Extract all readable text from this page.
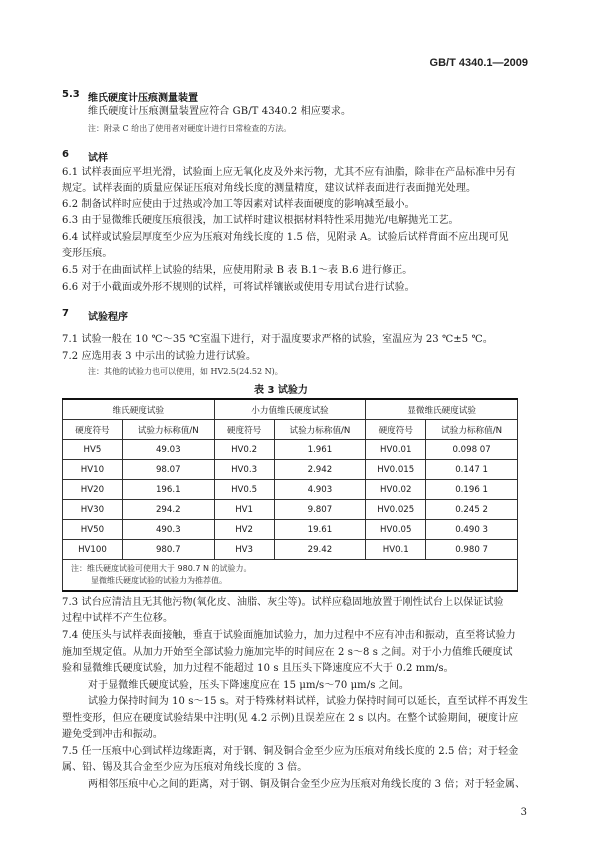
GB/T 4340.1—2009
5.3 维氏硬度计压痕测量装置
维氏硬度计压痕测量装置应符合 GB/T 4340.2 相应要求。
注：附录 C 给出了使用者对硬度计进行日常检查的方法。
6 试样
6.1 试样表面应平坦光滑，试验面上应无氧化皮及外来污物，尤其不应有油脂，除非在产品标准中另有
规定。试样表面的质量应保证压痕对角线长度的测量精度，建议试样表面进行表面抛光处理。
6.2 制备试样时应使由于过热或冷加工等因素对试样表面硬度的影响减至最小。
6.3 由于显微维氏硬度压痕很浅，加工试样时建议根据材料特性采用抛光/电解抛光工艺。
6.4 试样或试验层厚度至少应为压痕对角线长度的 1.5 倍，见附录 A。试验后试样背面不应出现可见
变形压痕。
6.5 对于在曲面试样上试验的结果，应使用附录 B 表 B.1～表 B.6 进行修正。
6.6 对于小截面或外形不规则的试样，可将试样镶嵌或使用专用试台进行试验。
7 试验程序
7.1 试验一般在 10 ℃～35 ℃室温下进行，对于温度要求严格的试验，室温应为 23 ℃±5 ℃。
7.2 应选用表 3 中示出的试验力进行试验。
注：其他的试验力也可以使用，如 HV2.5(24.52 N)。
表 3 试验力
维氏硬度试验		小力值维氏硬度试验		显微维氏硬度试验	
硬度符号	试验力标称值/N	硬度符号	试验力标称值/N	硬度符号	试验力标称值/N
HV5	49.03	HV0.2	1.961	HV0.01	0.098 07
HV10	98.07	HV0.3	2.942	HV0.015	0.147 1
HV20	196.1	HV0.5	4.903	HV0.02	0.196 1
HV30	294.2	HV1	9.807	HV0.025	0.245 2
HV50	490.3	HV2	19.61	HV0.05	0.490 3
HV100	980.7	HV3	29.42	HV0.1	0.980 7

注：维氏硬度试验可使用大于 980.7 N 的试验力。
显微维氏硬度试验的试验力为推荐值。					
7.3 试台应清洁且无其他污物(氧化皮、油脂、灰尘等)。试样应稳固地放置于刚性试台上以保证试验
过程中试样不产生位移。
7.4 使压头与试样表面接触，垂直于试验面施加试验力，加力过程中不应有冲击和振动，直至将试验力
施加至规定值。从加力开始至全部试验力施加完毕的时间应在 2 s～8 s 之间。对于小力值维氏硬度试
验和显微维氏硬度试验，加力过程不能超过 10 s 且压头下降速度应不大于 0.2 mm/s。
对于显微维氏硬度试验，压头下降速度应在 15 μm/s～70 μm/s 之间。
试验力保持时间为 10 s～15 s。对于特殊材料试样，试验力保持时间可以延长，直至试样不再发生
塑性变形，但应在硬度试验结果中注明(见 4.2 示例)且误差应在 2 s 以内。在整个试验期间，硬度计应
避免受到冲击和振动。
7.5 任一压痕中心到试样边缘距离，对于钢、铜及铜合金至少应为压痕对角线长度的 2.5 倍；对于轻金
属、铅、锡及其合金至少应为压痕对角线长度的 3 倍。
两相邻压痕中心之间的距离，对于钢、铜及铜合金至少应为压痕对角线长度的 3 倍；对于轻金属、
3
